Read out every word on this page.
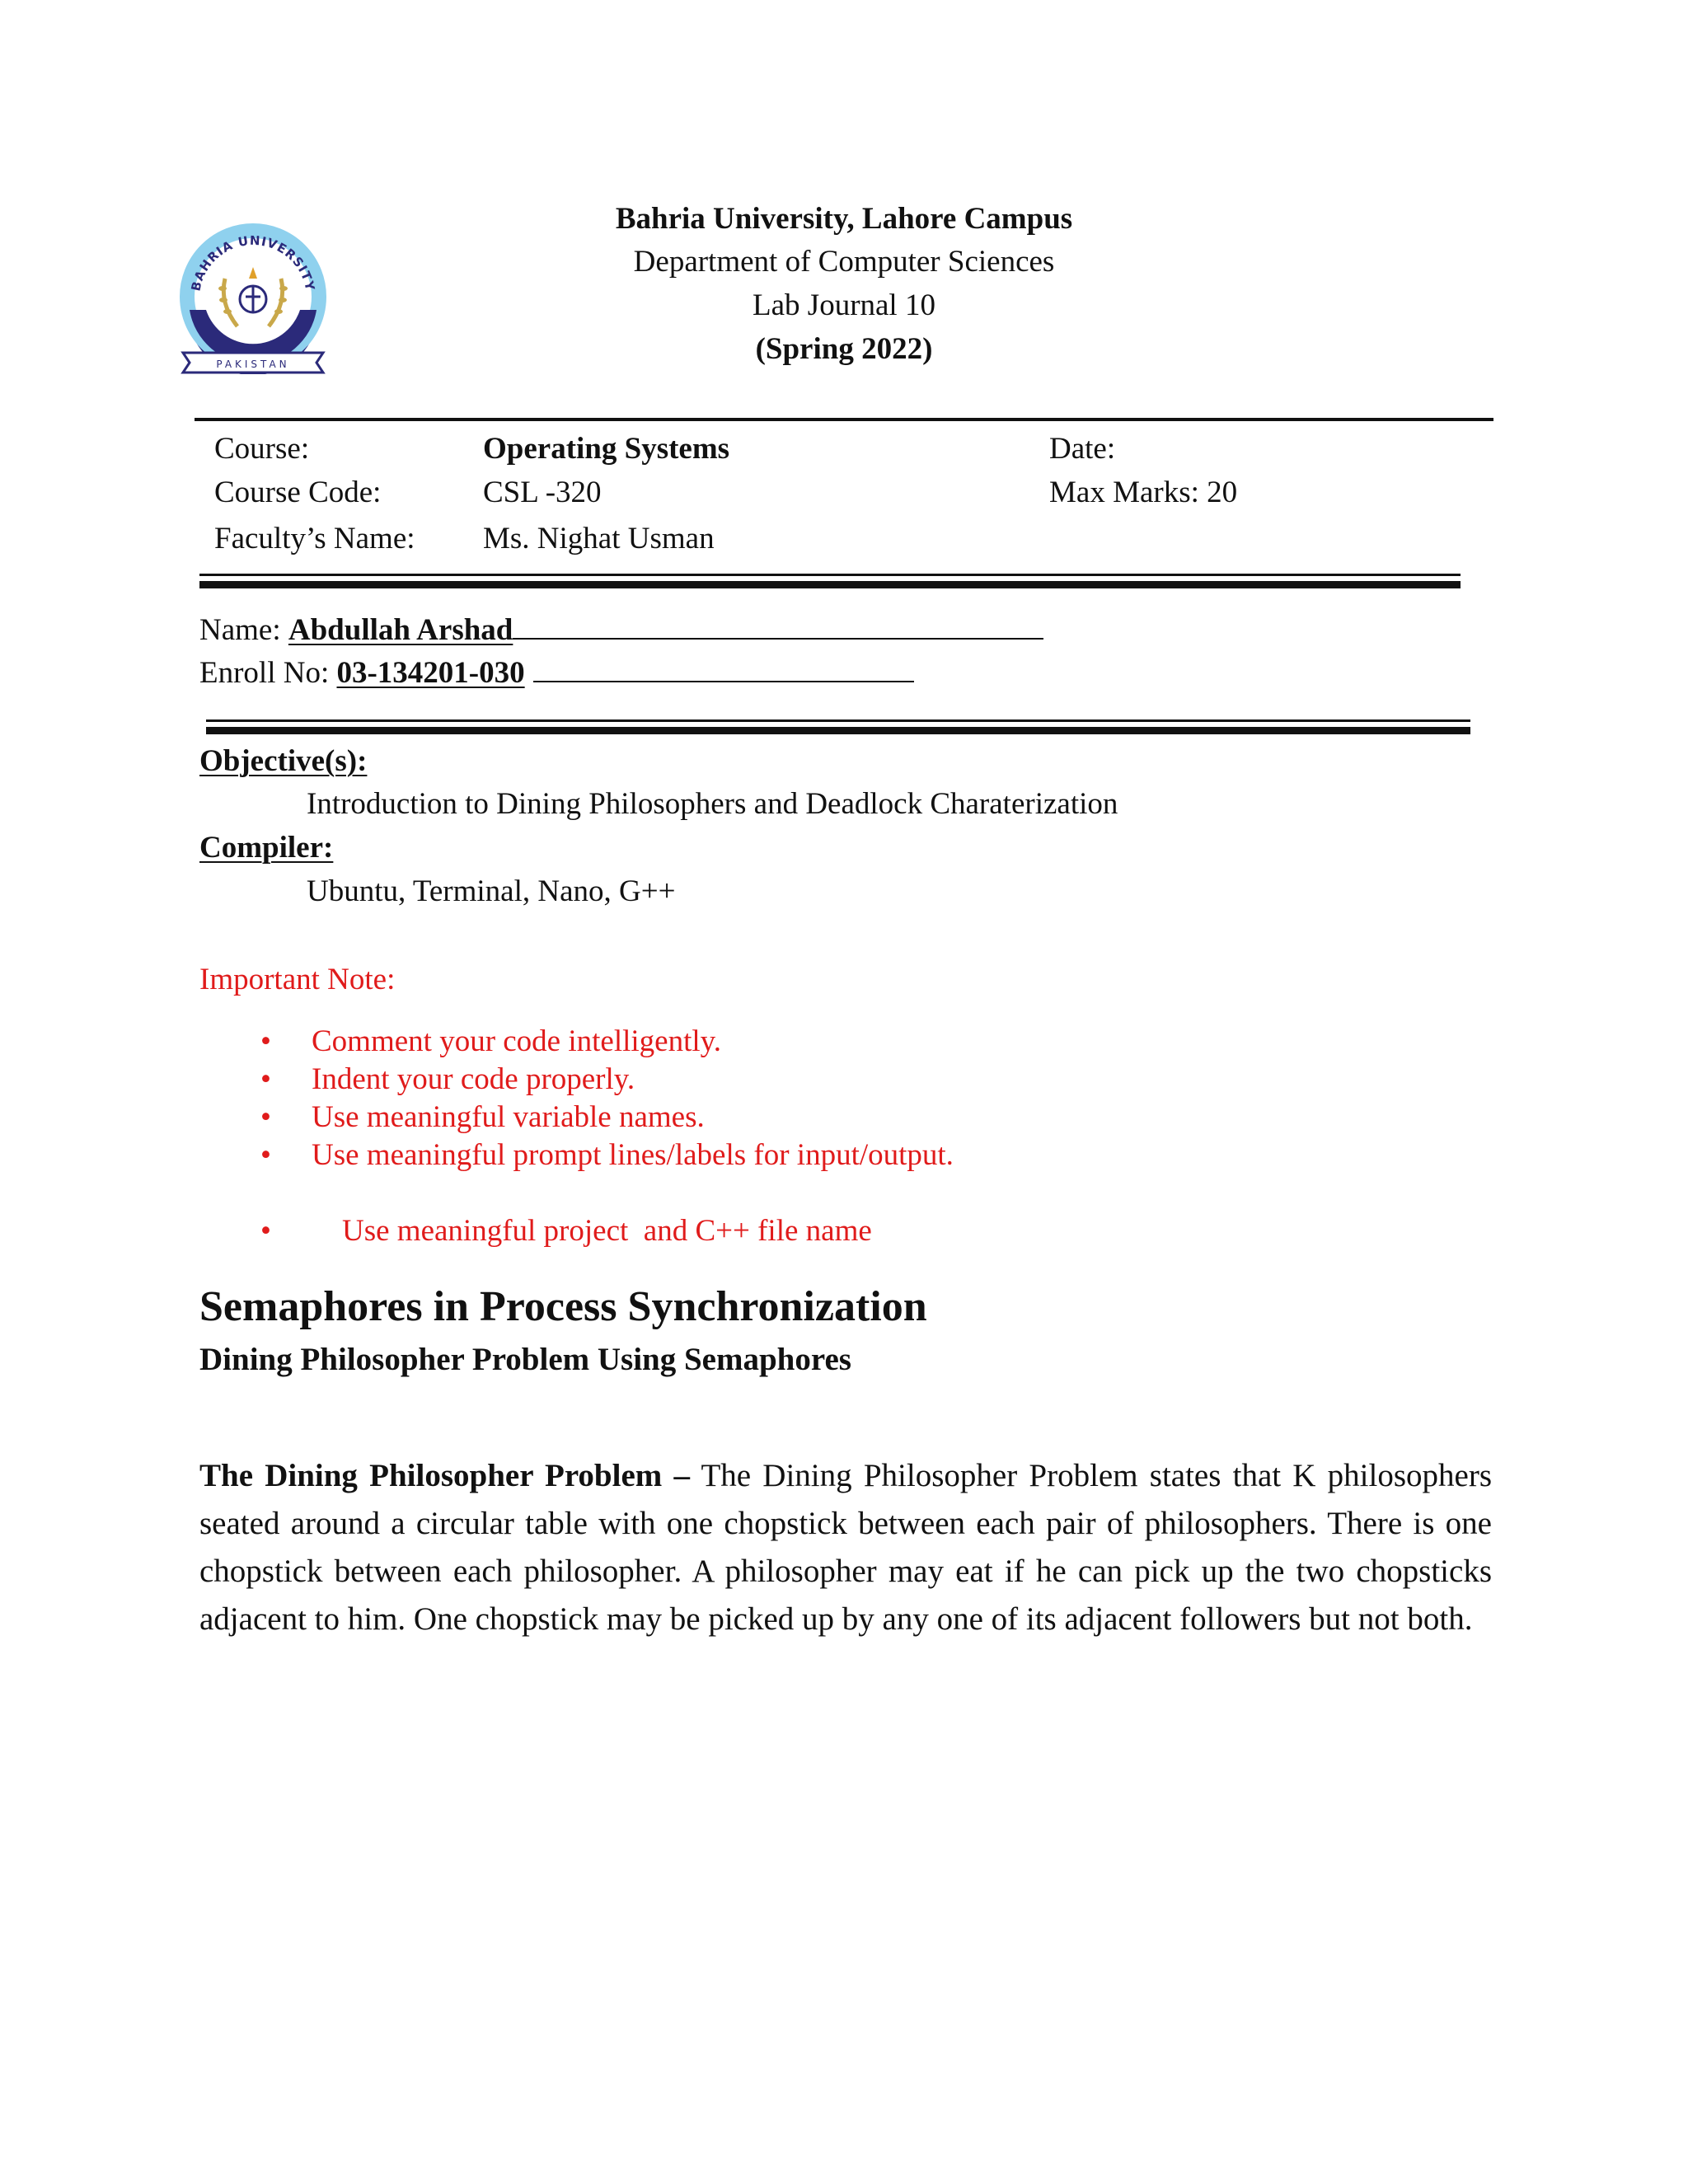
BAHRIA UNIVERSITY
PAKISTAN
Bahria University, Lahore Campus
Department of Computer Sciences
Lab Journal 10
(Spring 2022)
Course:	Operating Systems	Date:
Course Code:	CSL -320	Max Marks: 20
Faculty’s Name: Ms. Nighat Usman
Name: Abdullah Arshad
Enroll No: 03-134201-030
Objective(s):
Introduction to Dining Philosophers and Deadlock Charaterization
Compiler:
Ubuntu, Terminal, Nano, G++
Important Note:
• Comment your code intelligently.
• Indent your code properly.
• Use meaningful variable names.
• Use meaningful prompt lines/labels for input/output.

• Use meaningful project  and C++ file name

Semaphores in Process Synchronization
Dining Philosopher Problem Using Semaphores
The Dining Philosopher Problem – The Dining Philosopher Problem states that K philosophers seated around a circular table with one chopstick between each pair of philosophers. There is one chopstick between each philosopher. A philosopher may eat if he can pick up the two chopsticks adjacent to him. One chopstick may be picked up by any one of its adjacent followers but not both.
